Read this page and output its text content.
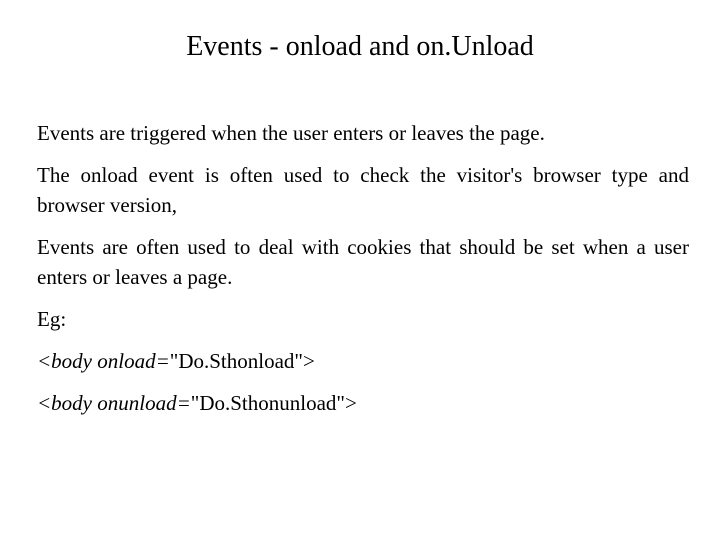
Events - onload and on.Unload

Events are triggered when the user enters or leaves the page.

The onload event is often used to check the visitor's browser type and browser version,

Events are often used to deal with cookies that should be set when a user enters or leaves a page.

Eg:

<body onload="Do.Sthonload">

<body onunload="Do.Sthonunload">
